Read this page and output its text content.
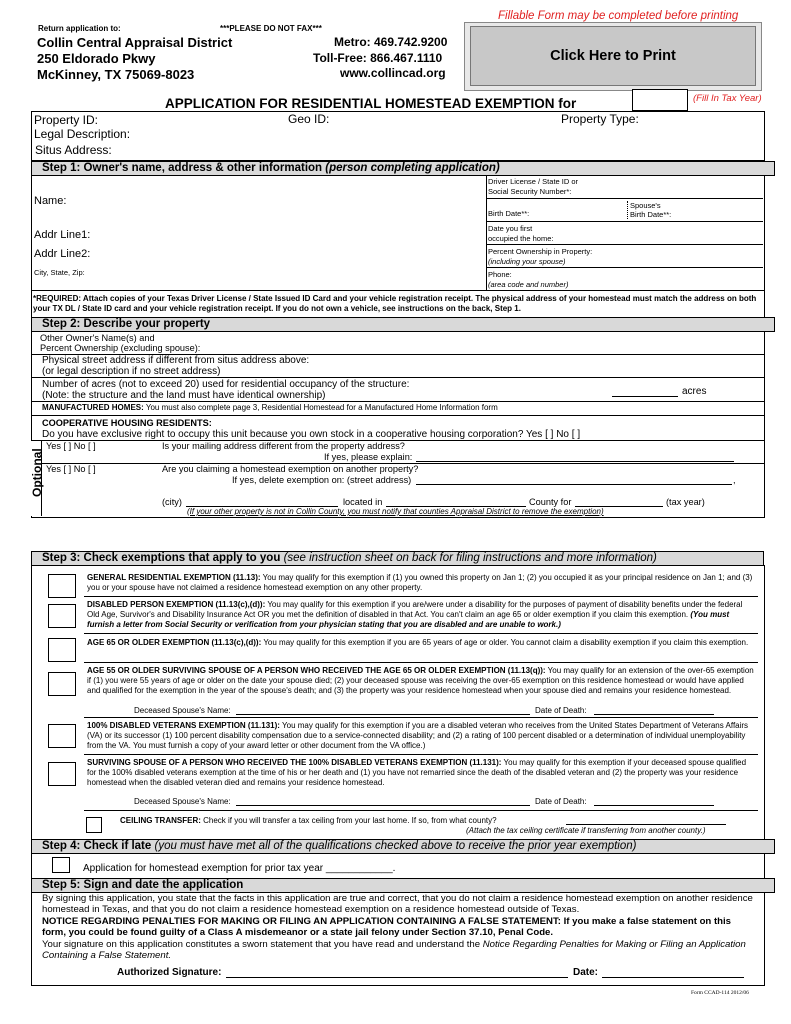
Fillable Form may be completed before printing
Return application to:	***PLEASE DO NOT FAX***
Collin Central Appraisal District
250 Eldorado Pkwy
McKinney, TX 75069-8023
Metro: 469.742.9200
Toll-Free: 866.467.1110
www.collincad.org
Click Here to Print
APPLICATION FOR RESIDENTIAL HOMESTEAD EXEMPTION for	(Fill In Tax Year)
Property ID:	Geo ID:	Property Type:
Legal Description:
Situs Address:
Step 1: Owner's name, address & other information (person completing application)
Name:
Addr Line1:
Addr Line2:
City, State, Zip:
Driver License / State ID or
Social Security Number*:
Birth Date**:
Spouse's
Birth Date**:
Date you first
occupied the home:
Percent Ownership in Property:
(including your spouse)
Phone:
(area code and number)
*REQUIRED: Attach copies of your Texas Driver License / State Issued ID Card and your vehicle registration receipt. The physical address of your homestead must match the address on both your TX DL / State ID card and your vehicle registration receipt. If you do not own a vehicle, see instructions on the back, Step 1.
Step 2: Describe your property
Other Owner's Name(s) and
Percent Ownership (excluding spouse):
Physical street address if different from situs address above:
(or legal description if no street address)
Number of acres (not to exceed 20) used for residential occupancy of the structure:
(Note: the structure and the land must have identical ownership)	acres
MANUFACTURED HOMES: You must also complete page 3, Residential Homestead for a Manufactured Home Information form
COOPERATIVE HOUSING RESIDENTS:
Do you have exclusive right to occupy this unit because you own stock in a cooperative housing corporation? Yes [ ] No [ ]
Optional
Yes [ ] No [ ]	Is your mailing address different from the property address?
If yes, please explain:
Yes [ ] No [ ]	Are you claiming a homestead exemption on another property?
If yes, delete exemption on: (street address)	,
(city)	located in	County for	(tax year)
(If your other property is not in Collin County, you must notify that counties Appraisal District to remove the exemption)
Step 3: Check exemptions that apply to you (see instruction sheet on back for filing instructions and more information)
GENERAL RESIDENTIAL EXEMPTION (11.13): You may qualify for this exemption if (1) you owned this property on Jan 1; (2) you occupied it as your principal residence on Jan 1; and (3) you or your spouse have not claimed a residence homestead exemption on any other property.
DISABLED PERSON EXEMPTION (11.13(c),(d)): You may qualify for this exemption if you are/were under a disability for the purposes of payment of disability benefits under the federal Old Age, Survivor's and Disability Insurance Act OR you met the definition of disabled in that Act. You can't claim an age 65 or older exemption if you claim this exemption. (You must furnish a letter from Social Security or verification from your physician stating that you are disabled and are unable to work.)
AGE 65 OR OLDER EXEMPTION (11.13(c),(d)): You may qualify for this exemption if you are 65 years of age or older. You cannot claim a disability exemption if you claim this exemption.
AGE 55 OR OLDER SURVIVING SPOUSE OF A PERSON WHO RECEIVED THE AGE 65 OR OLDER EXEMPTION (11.13(q)): You may qualify for an extension of the over-65 exemption if (1) you were 55 years of age or older on the date your spouse died; (2) your deceased spouse was receiving the over-65 exemption on this residence homestead or would have applied and qualified for the exemption in the year of the spouse's death; and (3) the property was your residence homestead when your spouse died and remains your residence homestead.
Deceased Spouse's Name:	Date of Death:
100% DISABLED VETERANS EXEMPTION (11.131): You may qualify for this exemption if you are a disabled veteran who receives from the United States Department of Veterans Affairs (VA) or its successor (1) 100 percent disability compensation due to a service-connected disability; and (2) a rating of 100 percent disabled or a determination of individual unemployability from the VA. You must furnish a copy of your award letter or other document from the VA office.)
SURVIVING SPOUSE OF A PERSON WHO RECEIVED THE 100% DISABLED VETERANS EXEMPTION (11.131): You may qualify for this exemption if your deceased spouse qualified for the 100% disabled veterans exemption at the time of his or her death and (1) you have not remarried since the death of the disabled veteran and (2) the property was your residence homestead when the disabled veteran died and remains your residence homestead.
Deceased Spouse's Name:	Date of Death:
CEILING TRANSFER: Check if you will transfer a tax ceiling from your last home. If so, from what county?
(Attach the tax ceiling certificate if transferring from another county.)
Step 4: Check if late (you must have met all of the qualifications checked above to receive the prior year exemption)
Application for homestead exemption for prior tax year ____________.
Step 5: Sign and date the application
By signing this application, you state that the facts in this application are true and correct, that you do not claim a residence homestead exemption on another residence homestead in Texas, and that you do not claim a residence homestead exemption on a residence homestead outside of Texas.
NOTICE REGARDING PENALTIES FOR MAKING OR FILING AN APPLICATION CONTAINING A FALSE STATEMENT: If you make a false statement on this form, you could be found guilty of a Class A misdemeanor or a state jail felony under Section 37.10, Penal Code.
Your signature on this application constitutes a sworn statement that you have read and understand the Notice Regarding Penalties for Making or Filing an Application Containing a False Statement.
Authorized Signature:	Date:
Form CCAD-114 2012/06
